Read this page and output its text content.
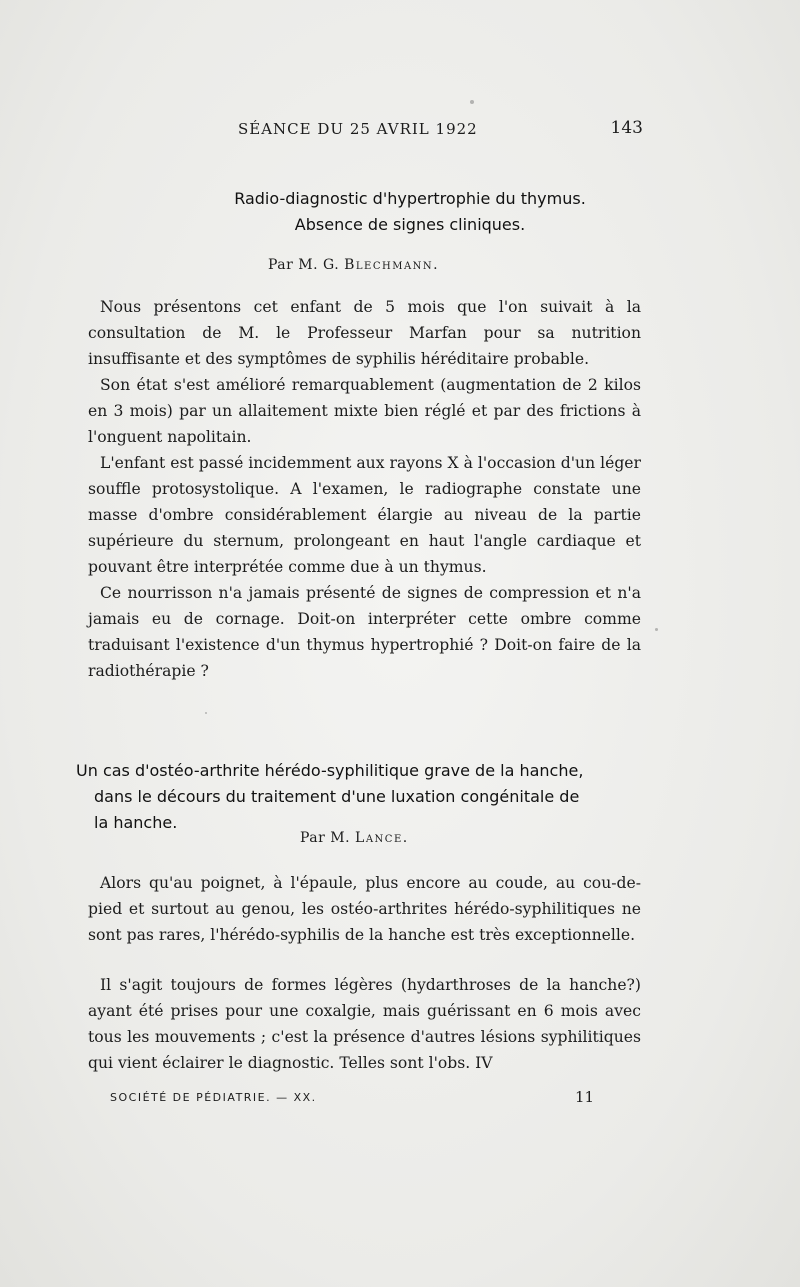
SÉANCE DU 25 AVRIL 1922	143
Radio-diagnostic d'hypertrophie du thymus.
Absence de signes cliniques.
Par M. G. Blechmann.

Nous présentons cet enfant de 5 mois que l'on suivait à la consultation de M. le Professeur Marfan pour sa nutrition insuffisante et des symptômes de syphilis héréditaire probable.

Son état s'est amélioré remarquablement (augmentation de 2 kilos en 3 mois) par un allaitement mixte bien réglé et par des frictions à l'onguent napolitain.

L'enfant est passé incidemment aux rayons X à l'occasion d'un léger souffle protosystolique. A l'examen, le radiographe constate une masse d'ombre considérablement élargie au niveau de la partie supérieure du sternum, prolongeant en haut l'angle cardiaque et pouvant être interprétée comme due à un thymus.

Ce nourrisson n'a jamais présenté de signes de compression et n'a jamais eu de cornage. Doit-on interpréter cette ombre comme traduisant l'existence d'un thymus hypertrophié ? Doit-on faire de la radiothérapie ?

Un cas d'ostéo-arthrite hérédo-syphilitique grave de la hanche,
dans le décours du traitement d'une luxation congénitale de
la hanche.
Par M. Lance.

Alors qu'au poignet, à l'épaule, plus encore au coude, au cou-de-pied et surtout au genou, les ostéo-arthrites hérédo-syphilitiques ne sont pas rares, l'hérédo-syphilis de la hanche est très exceptionnelle.

Il s'agit toujours de formes légères (hydarthroses de la hanche?) ayant été prises pour une coxalgie, mais guérissant en 6 mois avec tous les mouvements ; c'est la présence d'autres lésions syphilitiques qui vient éclairer le diagnostic. Telles sont l'obs. IV

SOCIÉTÉ DE PÉDIATRIE. — XX.	11
